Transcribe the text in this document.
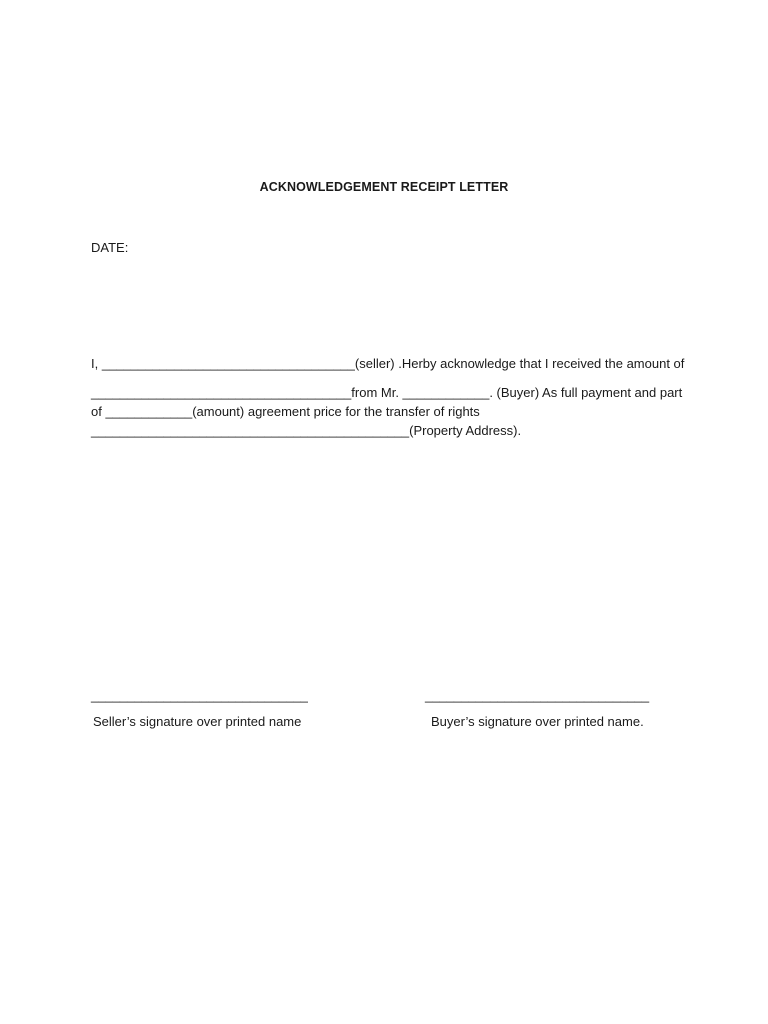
ACKNOWLEDGEMENT RECEIPT LETTER

DATE:

I, ___________________________________(seller) .Herby acknowledge that I received the amount of

____________________________________from Mr. ____________. (Buyer) As full payment and part

of ____________(amount) agreement price for the transfer of rights

____________________________________________(Property Address).

______________________________
Seller’s signature over printed name
_______________________________
Buyer’s signature over printed name.
